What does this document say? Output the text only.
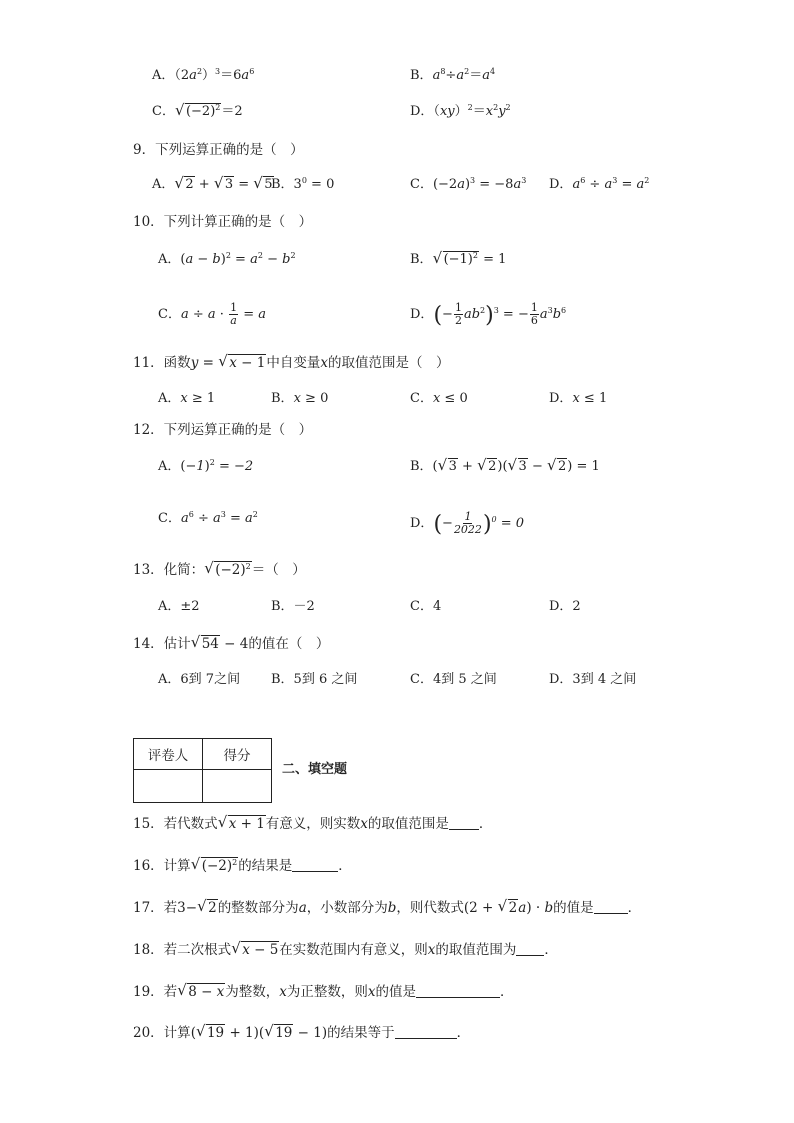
A．$(2a^2)^3=6a^6$	B．$a^8\div a^2=a^4$
C． √ $(-2)^2=2$	D．$(xy)^2=x^2y^2$
9．下列运算正确的是（　）
A． √ 2 + √ 3 = √ 5
B．$3^0 = 0$	C．$(-2a)^3 = -8a^3$ D．$a^6 \div a^3 = a^2$
10．下列计算正确的是（　）
A．$(a - b)^2 = a^2 - b^2$	B． √ $(-1)^2 = 1$
C．$a \div a \cdot \frac{1}{a} = a$	D．(− $\frac{1}{2} ab^2)^3$ = − $\frac{1}{6} a^3b^6$
11．函数y = √ x − 1中自变量x的取值范围是（　）
A．x ≥ 1	B．x ≥ 0	C．x ≤ 0	D．x ≤ 1
12．下列运算正确的是（　）
A．$(-1)^2 = -2$	B．( √ 3 + √ 2)( √ 3 − √ 2) = 1
C．$a^6 \div a^3 = a^2$
D．(− $\frac{1}{2022} )^0 = 0$
13．化简： √ $(-2)^2=$（　）
A．±2	B．－2	C．4	D．2
14．估计 √ 54 − 4的值在（　）
A．6到 7之间 B．5到 6 之间	C．4到 5 之间	D．3到 4 之间
评卷人	得分

二、填空题
15．若代数式 √ x + 1有意义，则实数x的取值范围是 ．
16．计算 √ $(-2)^2$的结果是	．
17．若3− √ 2的整数部分为a，小数部分为b，则代数式(2 + √ 2a) · b的值是	．
18．若二次根式 √ x − 5在实数范围内有意义，则x的取值范围为 ．
19．若 √ 8 − x为整数，x为正整数，则x的值是	．
20．计算( √ 19 + 1)( √ 19 − 1)的结果等于	．
